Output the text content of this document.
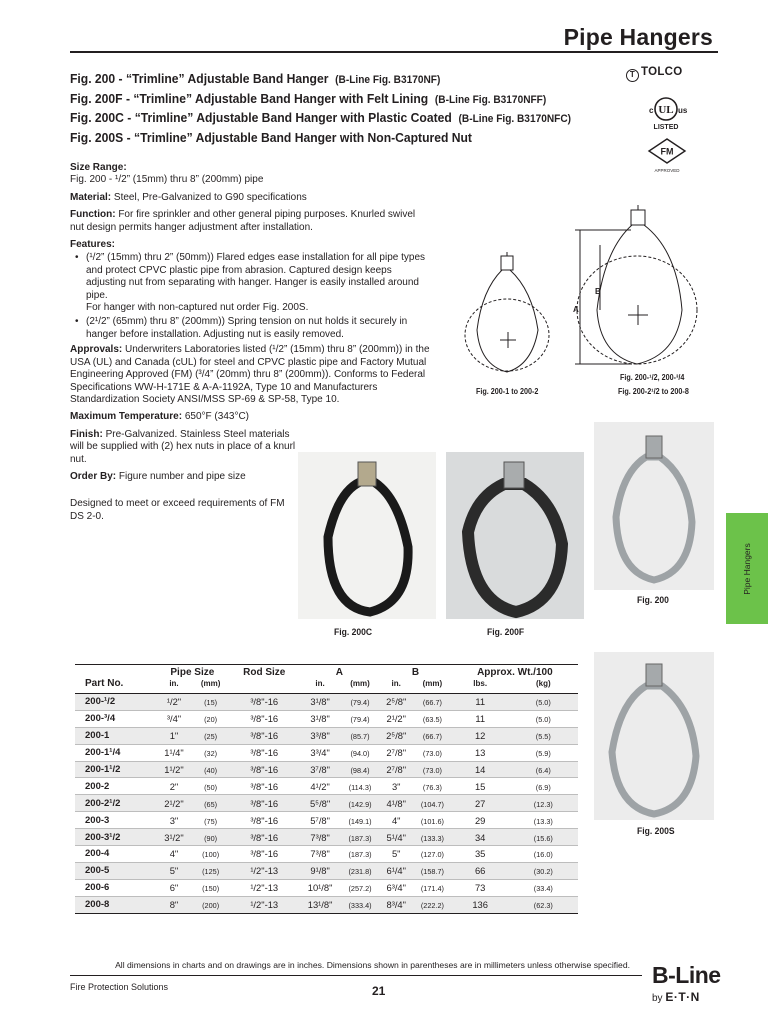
Pipe Hangers
Fig. 200 - “Trimline” Adjustable Band Hanger (B-Line Fig. B3170NF)
Fig. 200F - “Trimline” Adjustable Band Hanger with Felt Lining (B-Line Fig. B3170NFF)
Fig. 200C - “Trimline” Adjustable Band Hanger with Plastic Coated (B-Line Fig. B3170NFC)
Fig. 200S - “Trimline” Adjustable Band Hanger with Non-Captured Nut
T TOLCO
c UL us
LISTED
FM
APPROVED

Size Range:
Fig. 200 - ¹/2” (15mm) thru 8” (200mm) pipe

Material: Steel, Pre-Galvanized to G90 specifications

Function: For fire sprinkler and other general piping purposes. Knurled swivel nut design permits hanger adjustment after installation.

Features:

• (¹/2” (15mm) thru 2” (50mm)) Flared edges ease installation for all pipe types and protect CPVC plastic pipe from abrasion. Captured design keeps adjusting nut from separating with hanger. Hanger is easily installed around pipe.
For hanger with non-captured nut order Fig. 200S.
• (2¹/2” (65mm) thru 8” (200mm)) Spring tension on nut holds it securely in hanger before installation. Adjusting nut is easily removed.

Approvals: Underwriters Laboratories listed (¹/2” (15mm) thru 8” (200mm)) in the USA (UL) and Canada (cUL) for steel and CPVC plastic pipe and Factory Mutual Engineering Approved (FM) (³/4” (20mm) thru 8” (200mm)). Conforms to Federal Specifications WW-H-171E & A-A-1192A, Type 10 and Manufacturers Standardization Society ANSI/MSS SP-69 & SP-58, Type 10.

Maximum Temperature: 650°F (343°C)

Finish: Pre-Galvanized. Stainless Steel materials will be supplied with (2) hex nuts in place of a knurl nut.

Order By: Figure number and pipe size

Designed to meet or exceed requirements of FM DS 2-0.

A
B
Fig. 200-1 to 200-2
Fig. 200-¹/2, 200-³/4
Fig. 200-2¹/2 to 200-8
Fig. 200C	Fig. 200F
Fig. 200
Fig. 200S
Pipe Hangers
	Pipe Size		Rod Size	A		B		Approx. Wt./100	
Part No.	in.	(mm)		in.	(mm)	in.	(mm)	lbs.	(kg)
200-¹/2	¹/2"	(15)	³/8"-16	3¹/8"	(79.4)	2⁵/8"	(66.7)	11	(5.0)
200-³/4	³/4"	(20)	³/8"-16	3¹/8"	(79.4)	2¹/2"	(63.5)	11	(5.0)
200-1	1"	(25)	³/8"-16	3³/8"	(85.7)	2⁵/8"	(66.7)	12	(5.5)
200-1¹/4	1¹/4"	(32)	³/8"-16	3³/4"	(94.0)	2⁷/8"	(73.0)	13	(5.9)
200-1¹/2	1¹/2"	(40)	³/8"-16	3⁷/8"	(98.4)	2⁷/8"	(73.0)	14	(6.4)
200-2	2"	(50)	³/8"-16	4¹/2"	(114.3)	3"	(76.3)	15	(6.9)
200-2¹/2	2¹/2"	(65)	³/8"-16	5⁵/8"	(142.9)	4¹/8"	(104.7)	27	(12.3)
200-3	3"	(75)	³/8"-16	5⁷/8"	(149.1)	4"	(101.6)	29	(13.3)
200-3¹/2	3¹/2"	(90)	³/8"-16	7³/8"	(187.3)	5¹/4"	(133.3)	34	(15.6)
200-4	4"	(100)	³/8"-16	7³/8"	(187.3)	5"	(127.0)	35	(16.0)
200-5	5"	(125)	¹/2"-13	9¹/8"	(231.8)	6¹/4"	(158.7)	66	(30.2)
200-6	6"	(150)	¹/2"-13	10¹/8"	(257.2)	6³/4"	(171.4)	73	(33.4)
200-8	8"	(200)	¹/2"-13	13¹/8"	(333.4)	8³/4"	(222.2)	136	(62.3)
All dimensions in charts and on drawings are in inches. Dimensions shown in parentheses are in millimeters unless otherwise specified.
Fire Protection Solutions	21
B-Line
by E·T·N
